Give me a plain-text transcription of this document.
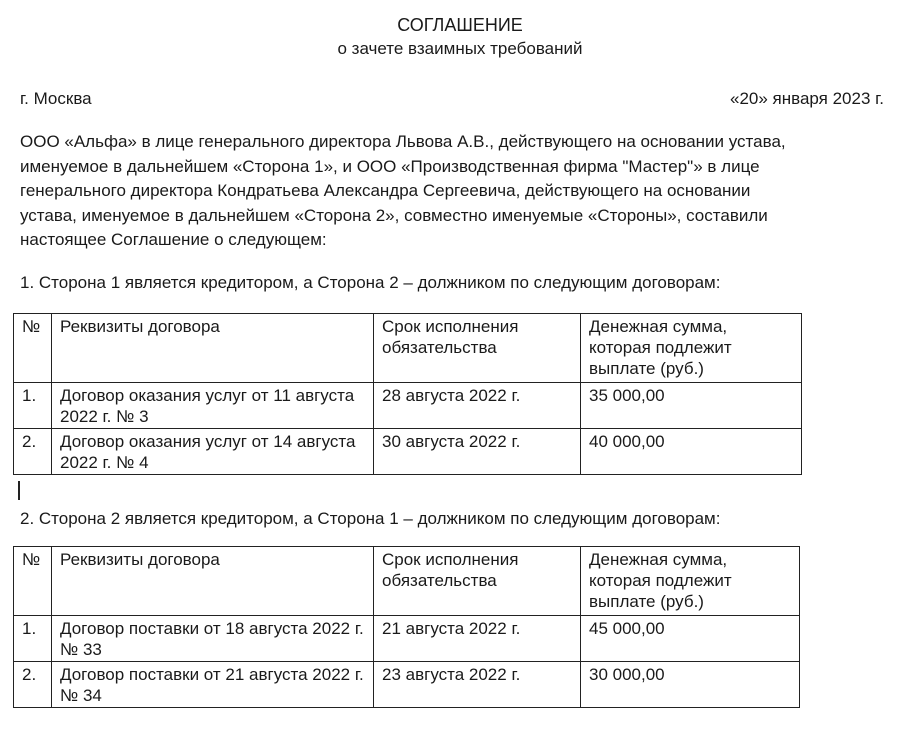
СОГЛАШЕНИЕ
о зачете взаимных требований
г. Москва	«20» января 2023 г.
ООО «Альфа» в лице генерального директора Львова А.В., действующего на основании устава,
именуемое в дальнейшем «Сторона 1», и ООО «Производственная фирма "Мастер"» в лице
генерального директора Кондратьева Александра Сергеевича, действующего на основании
устава, именуемое в дальнейшем «Сторона 2», совместно именуемые «Стороны», составили
настоящее Соглашение о следующем:
1. Сторона 1 является кредитором, а Сторона 2 – должником по следующим договорам:
№	Реквизиты договора	Срок исполнения обязательства	Денежная сумма, которая подлежит выплате (руб.)
1.	Договор оказания услуг от 11 августа 2022 г. № 3	28 августа 2022 г.	35 000,00
2.	Договор оказания услуг от 14 августа 2022 г. № 4	30 августа 2022 г.	40 000,00
2. Сторона 2 является кредитором, а Сторона 1 – должником по следующим договорам:
№	Реквизиты договора	Срок исполнения обязательства	Денежная сумма, которая подлежит выплате (руб.)
1.	Договор поставки от 18 августа 2022 г. № 33	21 августа 2022 г.	45 000,00
2.	Договор поставки от 21 августа 2022 г. № 34	23 августа 2022 г.	30 000,00
